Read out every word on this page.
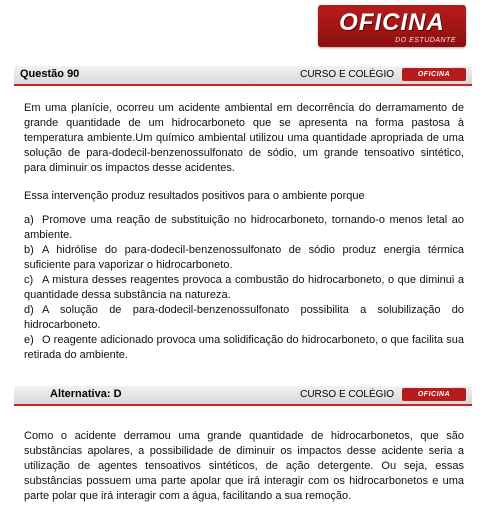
OFICINA
DO ESTUDANTE
Questão 90	CURSO E COLÉGIO	OFICINA
Em uma planície, ocorreu um acidente ambiental em decorrência do derramamento de grande quantidade de um hidrocarboneto que se apresenta na forma pastosa à temperatura ambiente.Um químico ambiental utilizou uma quantidade apropriada de uma solução de para-dodecil-benzenossulfonato de sódio, um grande tensoativo sintético, para diminuir os impactos desse acidentes.
Essa intervenção produz resultados positivos para o ambiente porque

a) Promove uma reação de substituição no hidrocarboneto, tornando-o menos letal ao ambiente.

b) A hidrólise do para-dodecil-benzenossulfonato de sódio produz energia térmica suficiente para vaporizar o hidrocarboneto.

c) A mistura desses reagentes provoca a combustão do hidrocarboneto, o que diminui a quantidade dessa substância na natureza.

d) A solução de para-dodecil-benzenossulfonato possibilita a solubilização do hidrocarboneto.

e) O reagente adicionado provoca uma solidificação do hidrocarboneto, o que facilita sua retirada do ambiente.

Alternativa: D	CURSO E COLÉGIO	OFICINA
Como o acidente derramou uma grande quantidade de hidrocarbonetos, que são substâncias apolares, a possibilidade de diminuir os impactos desse acidente seria a utilização de agentes tensoativos sintéticos, de ação detergente. Ou seja, essas substâncias possuem uma parte apolar que irá interagir com os hidrocarbonetos e uma parte polar que irá interagir com a água, facilitando a sua remoção.
